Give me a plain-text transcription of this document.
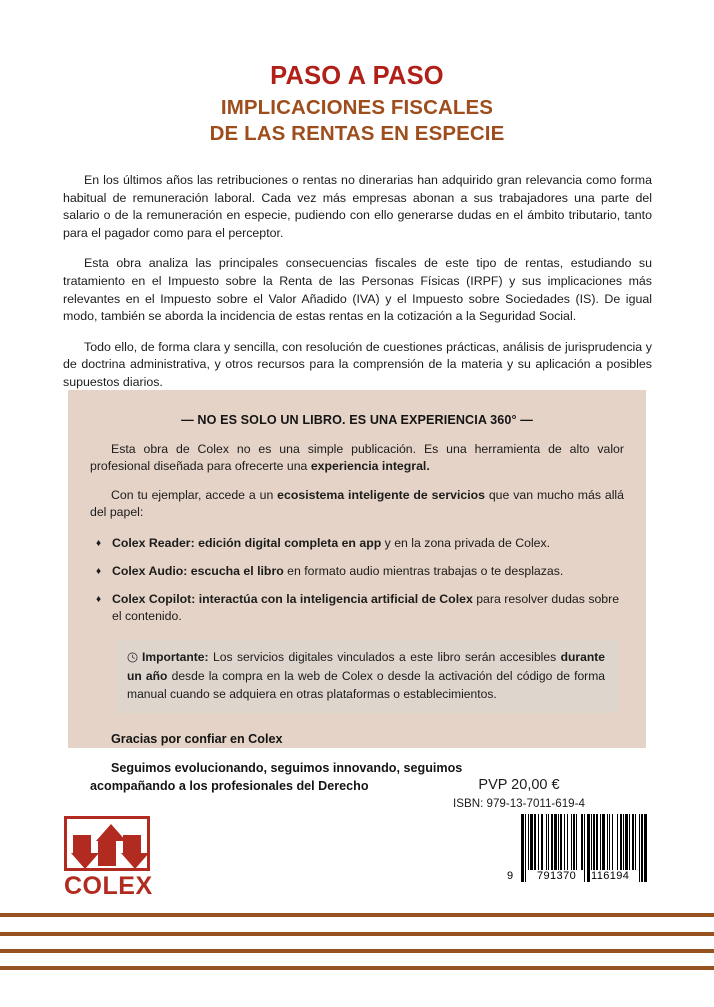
PASO A PASO
IMPLICACIONES FISCALES
DE LAS RENTAS EN ESPECIE

En los últimos años las retribuciones o rentas no dinerarias han adquirido gran relevancia como forma habitual de remuneración laboral. Cada vez más empresas abonan a sus trabajadores una parte del salario o de la remuneración en especie, pudiendo con ello generarse dudas en el ámbito tributario, tanto para el pagador como para el perceptor.

Esta obra analiza las principales consecuencias fiscales de este tipo de rentas, estudiando su tratamiento en el Impuesto sobre la Renta de las Personas Físicas (IRPF) y sus implicaciones más relevantes en el Impuesto sobre el Valor Añadido (IVA) y el Impuesto sobre Sociedades (IS). De igual modo, también se aborda la incidencia de estas rentas en la cotización a la Seguridad Social.

Todo ello, de forma clara y sencilla, con resolución de cuestiones prácticas, análisis de jurisprudencia y de doctrina administrativa, y otros recursos para la comprensión de la materia y su aplicación a posibles supuestos diarios.

— NO ES SOLO UN LIBRO. ES UNA EXPERIENCIA 360° —

Esta obra de Colex no es una simple publicación. Es una herramienta de alto valor profesional diseñada para ofrecerte una experiencia integral.

Con tu ejemplar, accede a un ecosistema inteligente de servicios que van mucho más allá del papel:

♦ Colex Reader: edición digital completa en app y en la zona privada de Colex.
♦ Colex Audio: escucha el libro en formato audio mientras trabajas o te desplazas.
♦ Colex Copilot: interactúa con la inteligencia artificial de Colex para resolver dudas sobre el contenido.
Importante: Los servicios digitales vinculados a este libro serán accesibles durante un año desde la compra en la web de Colex o desde la activación del código de forma manual cuando se adquiera en otras plataformas o establecimientos.

Gracias por confiar en Colex

Seguimos evolucionando, seguimos innovando, seguimos
acompañando a los profesionales del Derecho	PVP 20,00 €
ISBN: 979-13-7011-619-4
9 791370 116194
COLEX
